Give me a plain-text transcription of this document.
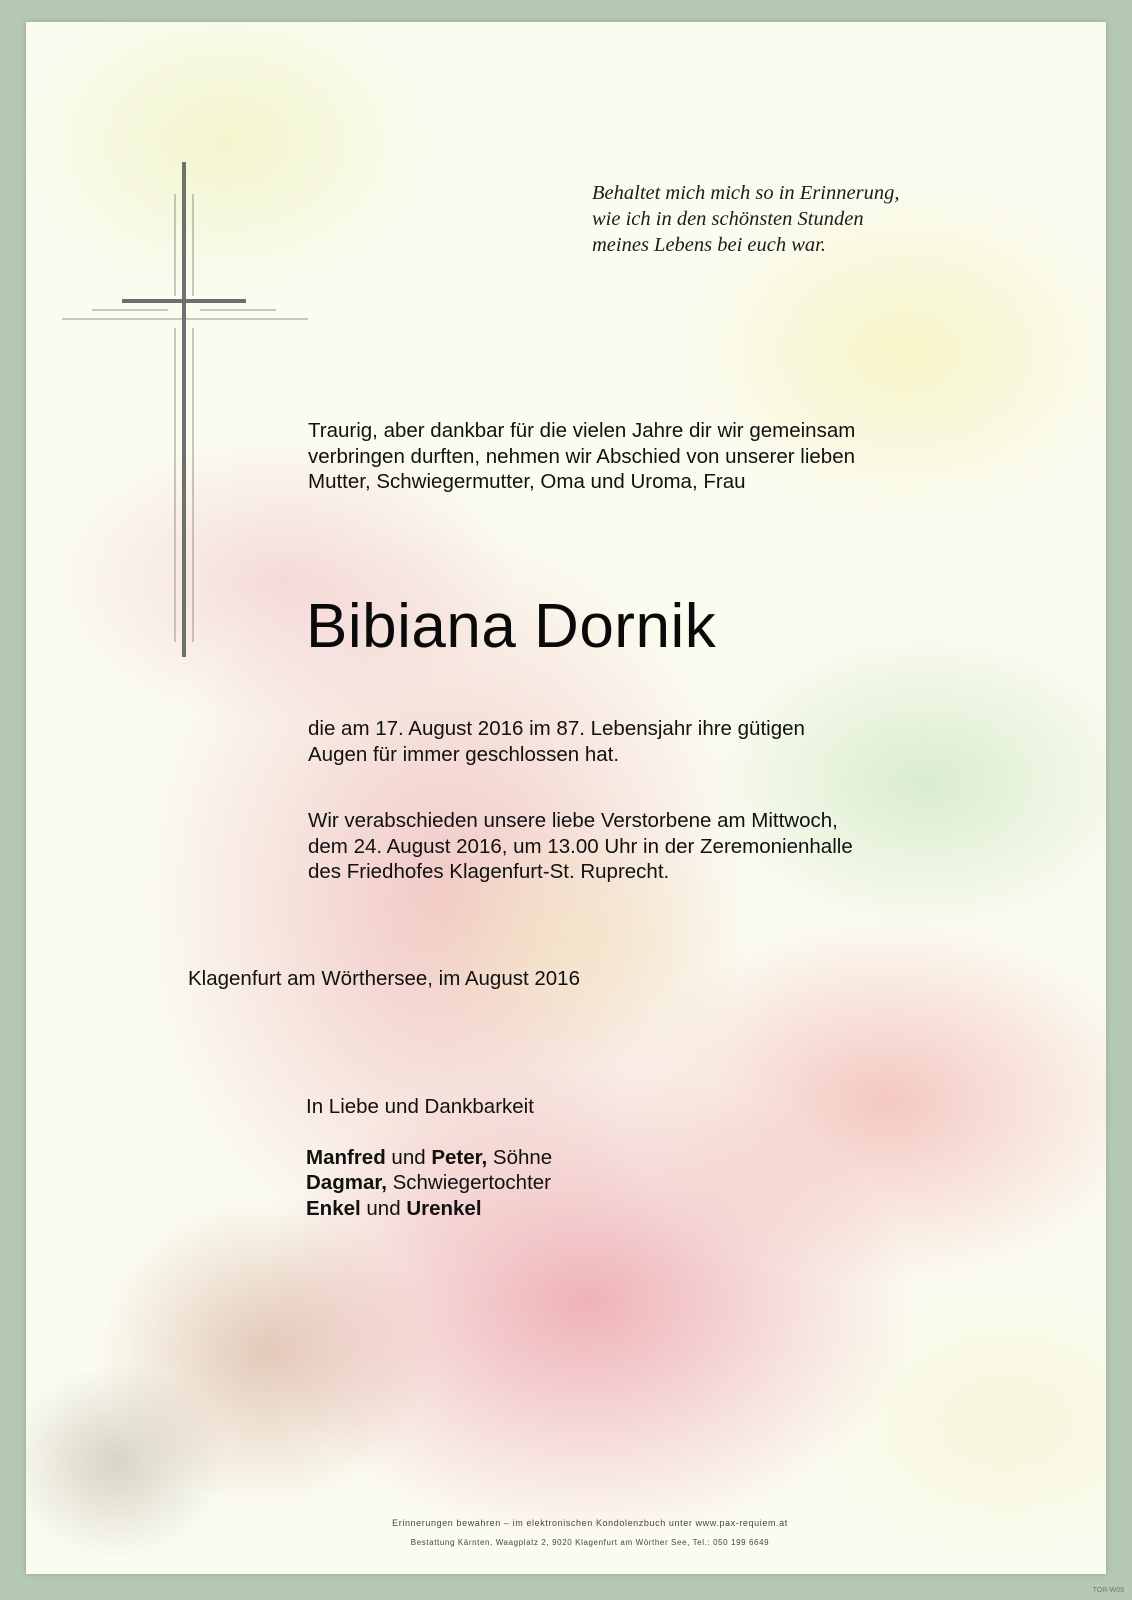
Behaltet mich mich so in Erinnerung,
wie ich in den schönsten Stunden
meines Lebens bei euch war.
Traurig, aber dankbar für die vielen Jahre dir wir gemeinsam
verbringen durften, nehmen wir Abschied von unserer lieben
Mutter, Schwiegermutter, Oma und Uroma, Frau
Bibiana Dornik
die am 17. August 2016 im 87. Lebensjahr ihre gütigen
Augen für immer geschlossen hat.
Wir verabschieden unsere liebe Verstorbene am Mittwoch,
dem 24. August 2016, um 13.00 Uhr in der Zeremonienhalle
des Friedhofes Klagenfurt-St. Ruprecht.
Klagenfurt am Wörthersee, im August 2016
In Liebe und Dankbarkeit
Manfred und Peter, Söhne
Dagmar, Schwiegertochter
Enkel und Urenkel
Erinnerungen bewahren – im elektronischen Kondolenzbuch unter www.pax-requiem.at
Bestattung Kärnten, Waagplatz 2, 9020 Klagenfurt am Wörther See, Tel.: 050 199 6649
TOR-W09
